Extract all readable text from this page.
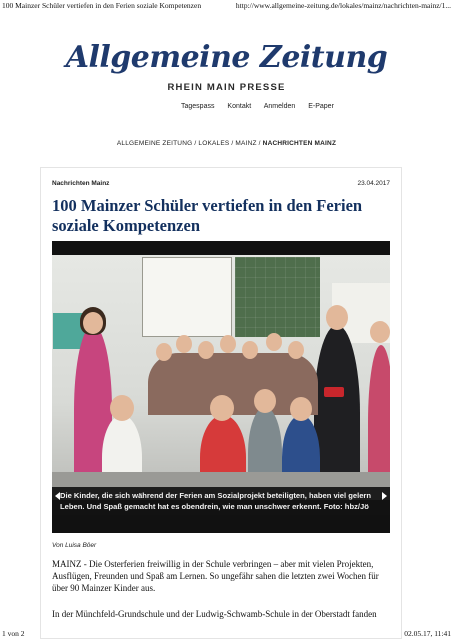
100 Mainzer Schüler vertiefen in den Ferien soziale Kompetenzen	http://www.allgemeine-zeitung.de/lokales/mainz/nachrichten-mainz/1...
Allgemeine Zeitung
RHEIN MAIN PRESSE
Tagespass Kontakt Anmelden E-Paper
ALLGEMEINE ZEITUNG / LOKALES / MAINZ / NACHRICHTEN MAINZ
Nachrichten Mainz	23.04.2017
100 Mainzer Schüler vertiefen in den Ferien soziale Kompetenzen
Die Kinder, die sich während der Ferien am Sozialprojekt beteiligten, haben viel gelern
Leben. Und Spaß gemacht hat es obendrein, wie man unschwer erkennt. Foto: hbz/Jö
Von Luisa Böer
MAINZ - Die Osterferien freiwillig in der Schule verbringen – aber mit vielen Projekten, Ausflügen, Freunden und Spaß am Lernen. So ungefähr sahen die letzten zwei Wochen für über 90 Mainzer Kinder aus.
In der Münchfeld-Grundschule und der Ludwig-Schwamb-Schule in der Oberstadt fanden
1 von 2	02.05.17, 11:41
